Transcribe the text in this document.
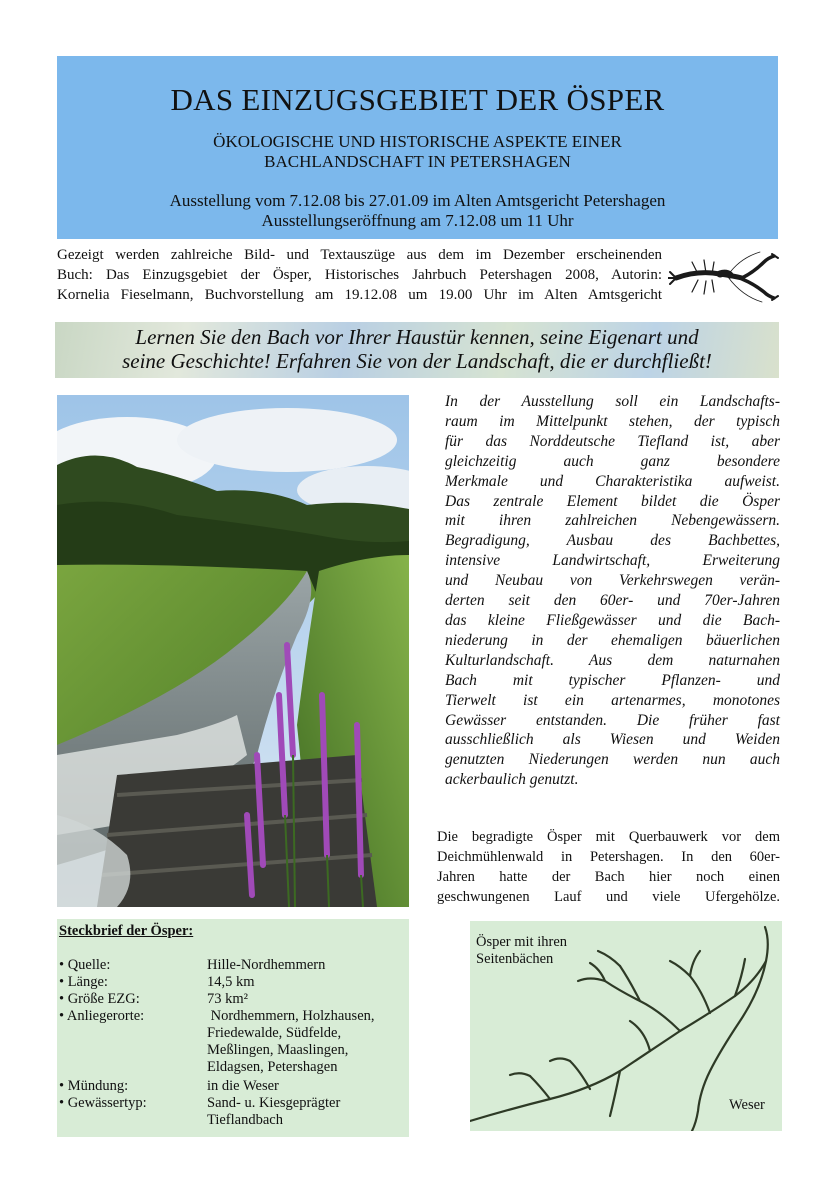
DAS EINZUGSGEBIET DER ÖSPER
ÖKOLOGISCHE UND HISTORISCHE ASPEKTE EINER
BACHLANDSCHAFT IN PETERSHAGEN
Ausstellung vom 7.12.08 bis 27.01.09 im Alten Amtsgericht Petershagen
Ausstellungseröffnung am 7.12.08 um 11 Uhr
Gezeigt werden zahlreiche Bild- und Textauszüge aus dem im Dezember erscheinenden
Buch: Das Einzugsgebiet der Ösper, Historisches Jahrbuch Petershagen 2008, Autorin:
Kornelia Fieselmann, Buchvorstellung am 19.12.08 um 19.00 Uhr im Alten Amtsgericht
Lernen Sie den Bach vor Ihrer Haustür kennen, seine Eigenart und
seine Geschichte! Erfahren Sie von der Landschaft, die er durchfließt!
In der Ausstellung soll ein Landschafts-
raum im Mittelpunkt stehen, der typisch
für das Norddeutsche Tiefland ist, aber
gleichzeitig auch ganz besondere
Merkmale und Charakteristika aufweist.
Das zentrale Element bildet die Ösper
mit ihren zahlreichen Nebengewässern.
Begradigung, Ausbau des Bachbettes,
intensive Landwirtschaft, Erweiterung
und Neubau von Verkehrswegen verän-
derten seit den 60er- und 70er-Jahren
das kleine Fließgewässer und die Bach-
niederung in der ehemaligen bäuerlichen
Kulturlandschaft. Aus dem naturnahen
Bach mit typischer Pflanzen- und
Tierwelt ist ein artenarmes, monotones
Gewässer entstanden. Die früher fast
ausschließlich als Wiesen und Weiden
genutzten Niederungen werden nun auch
ackerbaulich genutzt.
Die begradigte Ösper mit Querbauwerk vor dem
Deichmühlenwald in Petershagen. In den 60er-
Jahren hatte der Bach hier noch einen
geschwungenen Lauf und viele Ufergehölze.
Steckbrief der Ösper:
• Quelle:	Hille-Nordhemmern
• Länge:	14,5 km
• Größe EZG:	73 km²
• Anliegerorte:	Nordhemmern, Holzhausen,
Friedewalde, Südfelde,
Meßlingen, Maaslingen,
Eldagsen, Petershagen
• Mündung:	in die Weser
• Gewässertyp:	Sand- u. Kiesgeprägter
Tieflandbach
Ösper mit ihren
Seitenbächen
Weser
